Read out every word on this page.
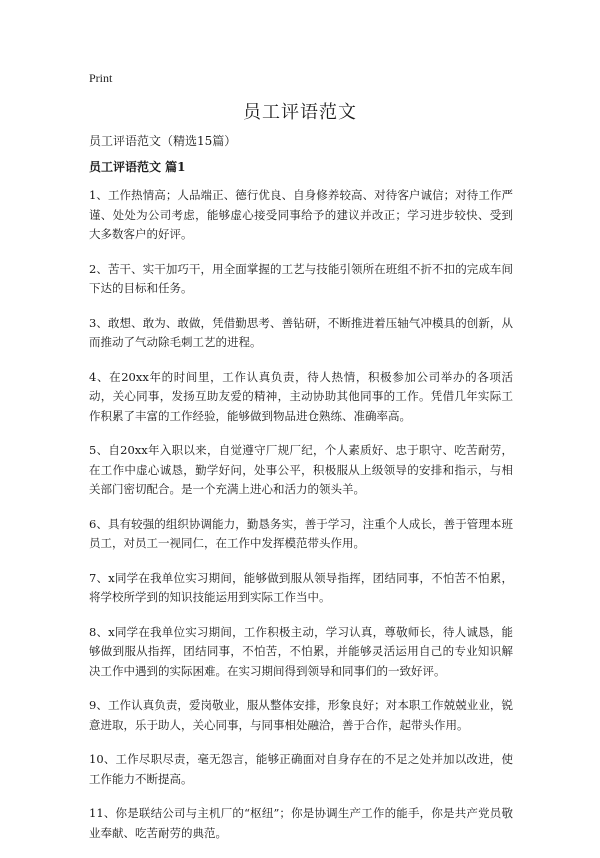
Print
员工评语范文

员工评语范文（精选15篇）

员工评语范文 篇1

1、工作热情高；人品端正、德行优良、自身修养较高、对待客户诚信；对待工作严谨、处处为公司考虑，能够虚心接受同事给予的建议并改正；学习进步较快、受到大多数客户的好评。

2、苦干、实干加巧干，用全面掌握的工艺与技能引领所在班组不折不扣的完成车间下达的目标和任务。

3、敢想、敢为、敢做，凭借勤思考、善钻研，不断推进着压轴气冲模具的创新，从而推动了气动除毛刺工艺的进程。

4、在20xx年的时间里，工作认真负责，待人热情，积极参加公司举办的各项活动，关心同事，发扬互助友爱的精神，主动协助其他同事的工作。凭借几年实际工作积累了丰富的工作经验，能够做到物品进仓熟练、准确率高。

5、自20xx年入职以来，自觉遵守厂规厂纪，个人素质好、忠于职守、吃苦耐劳，在工作中虚心诚恳，勤学好问，处事公平，积极服从上级领导的安排和指示，与相关部门密切配合。是一个充满上进心和活力的领头羊。

6、具有较强的组织协调能力，勤恳务实，善于学习，注重个人成长，善于管理本班员工，对员工一视同仁，在工作中发挥模范带头作用。

7、x同学在我单位实习期间，能够做到服从领导指挥，团结同事，不怕苦不怕累，将学校所学到的知识技能运用到实际工作当中。

8、x同学在我单位实习期间，工作积极主动，学习认真，尊敬师长，待人诚恳，能够做到服从指挥，团结同事，不怕苦，不怕累，并能够灵活运用自己的专业知识解决工作中遇到的实际困难。在实习期间得到领导和同事们的一致好评。

9、工作认真负责，爱岗敬业，服从整体安排，形象良好；对本职工作兢兢业业，锐意进取，乐于助人，关心同事，与同事相处融洽，善于合作，起带头作用。

10、工作尽职尽责，毫无怨言，能够正确面对自身存在的不足之处并加以改进，使工作能力不断提高。

11、你是联结公司与主机厂的“枢纽”；你是协调生产工作的能手，你是共产党员敬业奉献、吃苦耐劳的典范。
